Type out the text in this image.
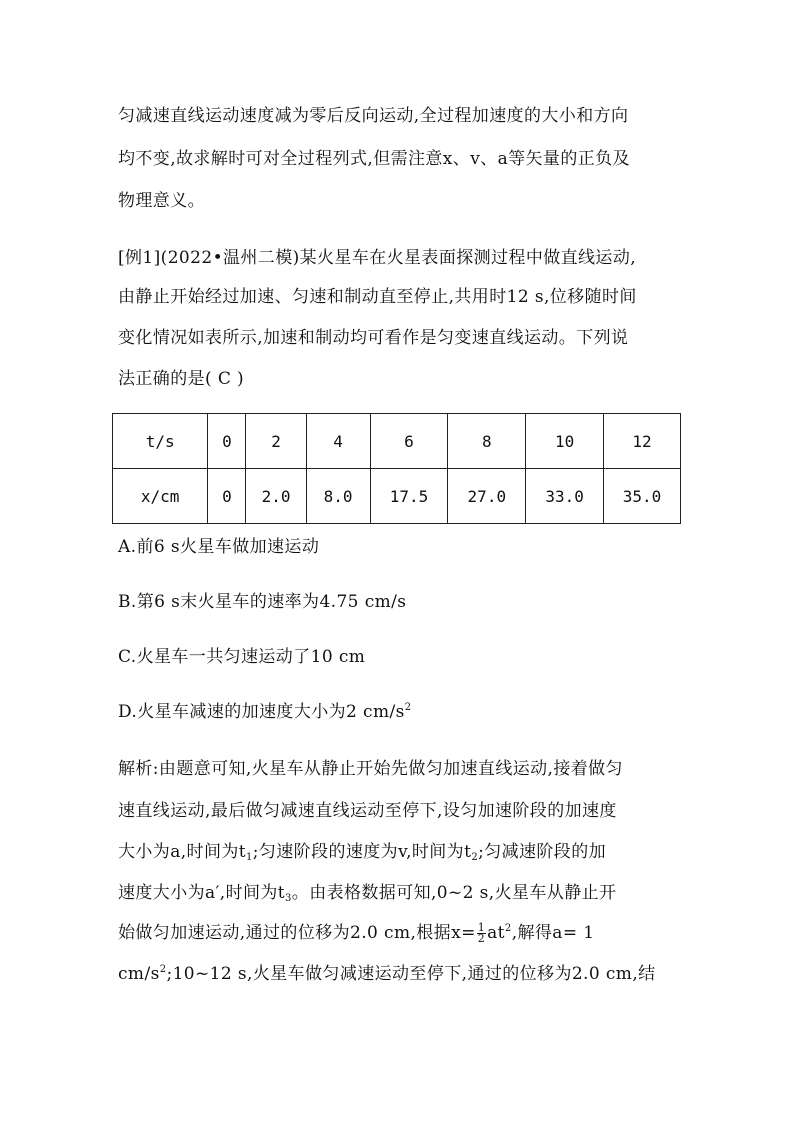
匀减速直线运动速度减为零后反向运动,全过程加速度的大小和方向
均不变,故求解时可对全过程列式,但需注意x、v、a等矢量的正负及
物理意义。
[例1](2022•温州二模)某火星车在火星表面探测过程中做直线运动,
由静止开始经过加速、匀速和制动直至停止,共用时12 s,位移随时间
变化情况如表所示,加速和制动均可看作是匀变速直线运动。下列说
法正确的是( C )
t/s	0	2	4	6	8	10	12
x/cm	0	2.0	8.0	17.5	27.0	33.0	35.0
A.前6 s火星车做加速运动
B.第6 s末火星车的速率为4.75 cm/s
C.火星车一共匀速运动了10 cm
D.火星车减速的加速度大小为2 $cm/s^2$
解析:由题意可知,火星车从静止开始先做匀加速直线运动,接着做匀
速直线运动,最后做匀减速直线运动至停下,设匀加速阶段的加速度
大小为a,时间为$t_1$;匀速阶段的速度为v,时间为$t_2$;匀减速阶段的加
速度大小为a′,时间为$t_3$。由表格数据可知,0~2 s,火星车从静止开
始做匀加速运动,通过的位移为2.0 cm,根据$x= \frac{1}{2} at^2$,解得a= 1
$cm/s^2;10\sim 12$ s,火星车做匀减速运动至停下,通过的位移为2.0 cm,结
